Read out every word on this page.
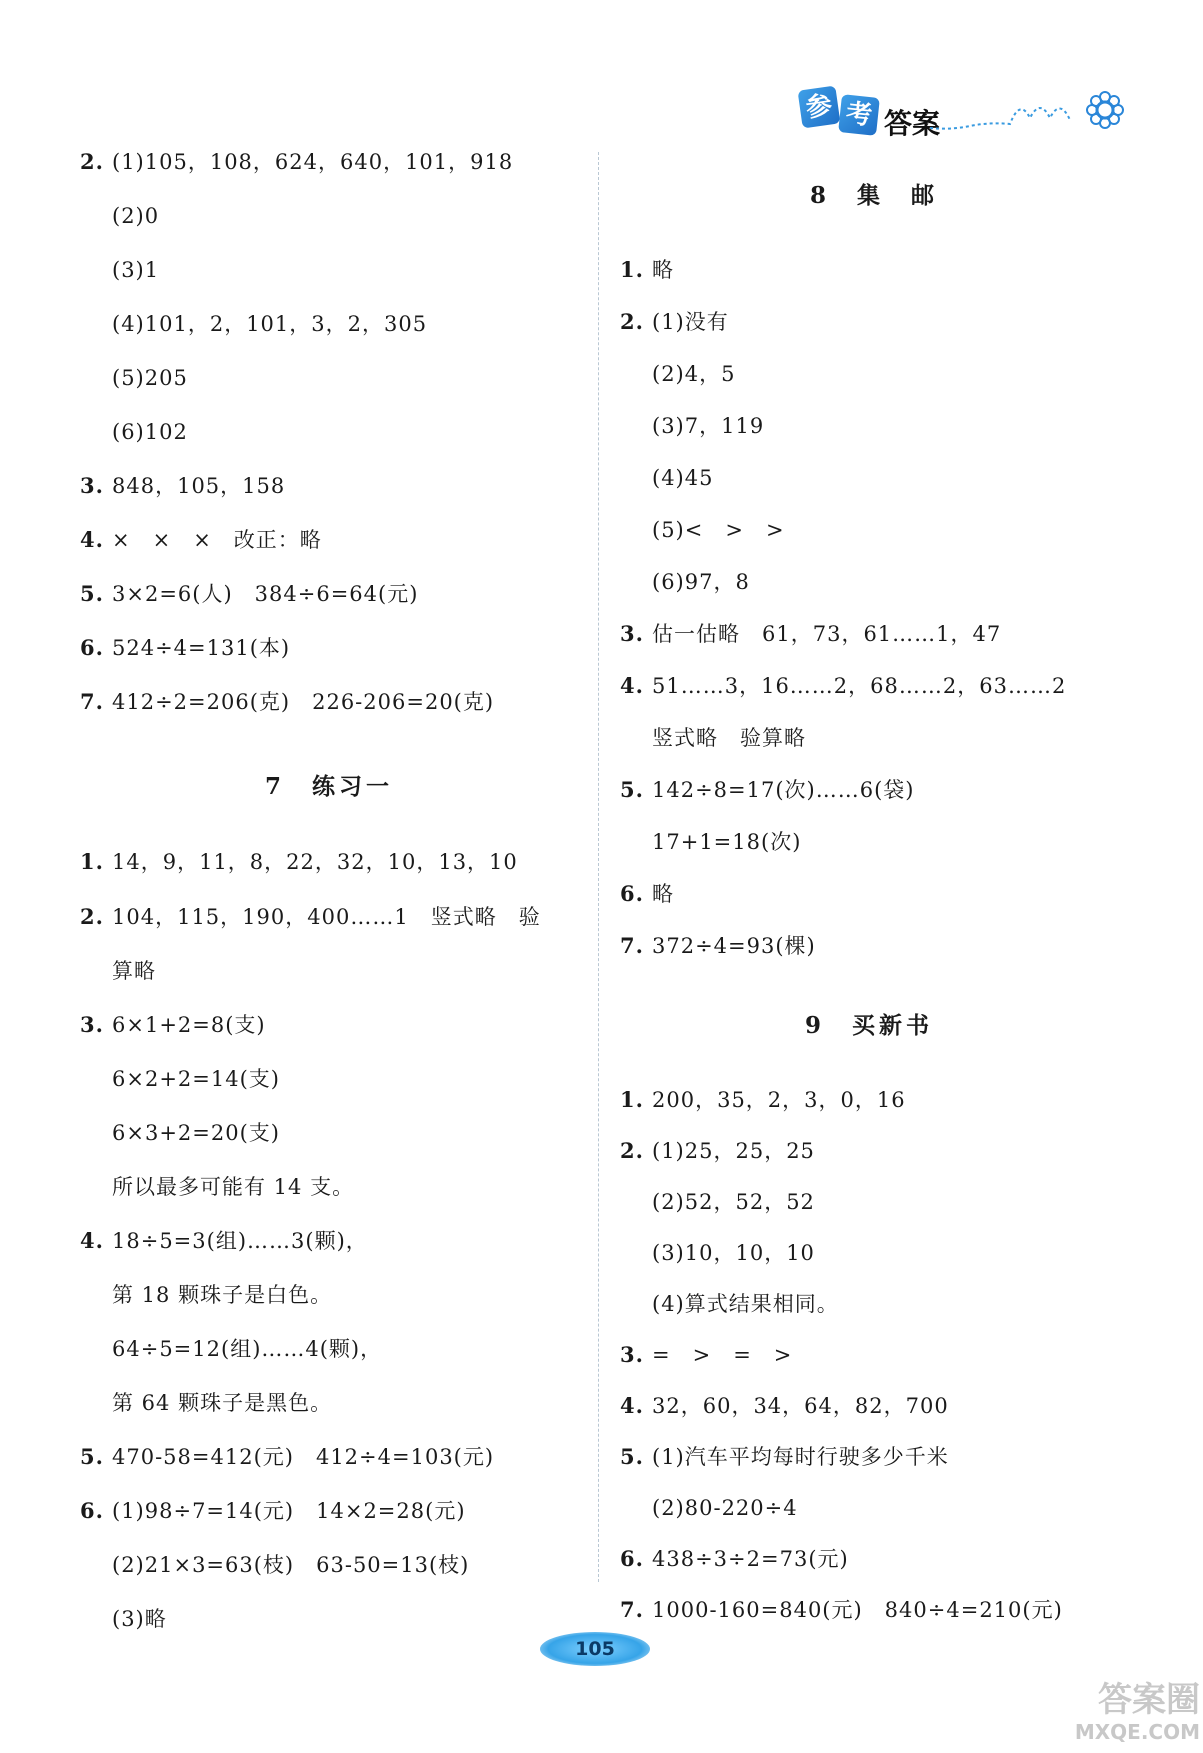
参 考 答案
2. (1)105，108，624，640，101，918
(2)0
(3)1
(4)101，2，101，3，2，305
(5)205
(6)102
3. 848，105，158
4. ×　×　×　改正：略
5. 3×2=6(人)　384÷6=64(元)
6. 524÷4=131(本)
7. 412÷2=206(克)　226-206=20(克)
7　练习一
1. 14，9，11，8，22，32，10，13，10
2. 104，115，190，400……1　竖式略　验
算略
3. 6×1+2=8(支)
6×2+2=14(支)
6×3+2=20(支)
所以最多可能有 14 支。
4. 18÷5=3(组)……3(颗)，
第 18 颗珠子是白色。
64÷5=12(组)……4(颗)，
第 64 颗珠子是黑色。
5. 470-58=412(元)　412÷4=103(元)
6. (1)98÷7=14(元)　14×2=28(元)
(2)21×3=63(枝)　63-50=13(枝)
(3)略
8　集　邮
1. 略
2. (1)没有
(2)4，5
(3)7，119
(4)45
(5)<　>　>
(6)97，8
3. 估一估略　61，73，61……1，47
4. 51……3，16……2，68……2，63……2
竖式略　验算略
5. 142÷8=17(次)……6(袋)
17+1=18(次)
6. 略
7. 372÷4=93(棵)
9　买新书
1. 200，35，2，3，0，16
2. (1)25，25，25
(2)52，52，52
(3)10，10，10
(4)算式结果相同。
3. =　>　=　>
4. 32，60，34，64，82，700
5. (1)汽车平均每时行驶多少千米
(2)80-220÷4
6. 438÷3÷2=73(元)
7. 1000-160=840(元)　840÷4=210(元)
105
答案圈
MXQE.COM
